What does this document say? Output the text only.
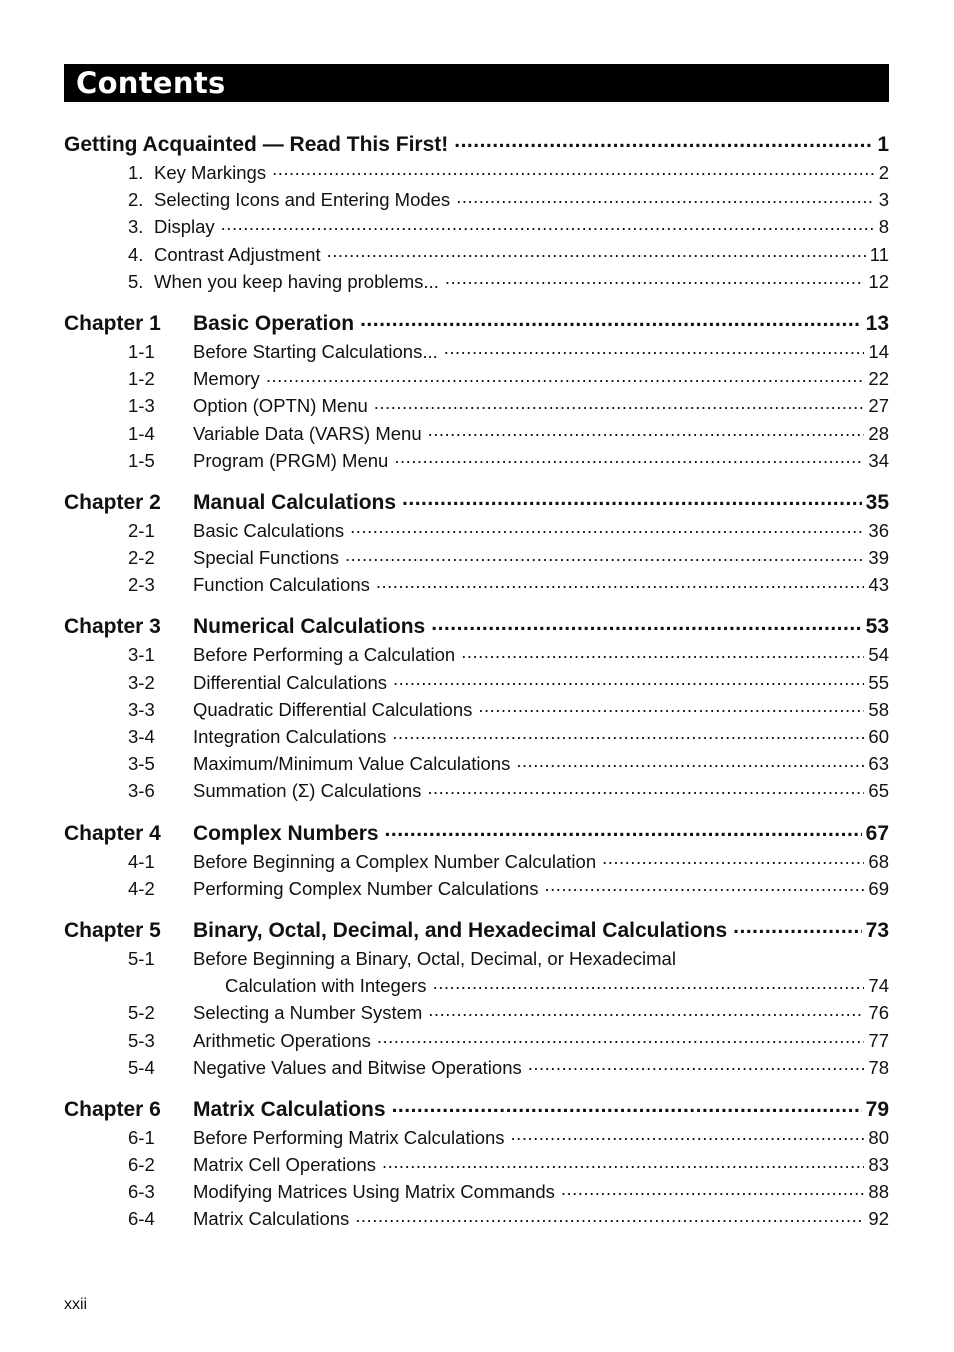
Contents
Getting Acquainted — Read This First! .....	1
1. Key Markings .....	2
2. Selecting Icons and Entering Modes .....	3
3. Display .....	8
4. Contrast Adjustment .....	11
5. When you keep having problems... .....	12
Chapter 1	Basic Operation .....	13
1-1	Before Starting Calculations... .....	14
1-2	Memory .....	22
1-3	Option (OPTN) Menu .....	27
1-4	Variable Data (VARS) Menu .....	28
1-5	Program (PRGM) Menu .....	34
Chapter 2	Manual Calculations .....	35
2-1	Basic Calculations .....	36
2-2	Special Functions .....	39
2-3	Function Calculations .....	43
Chapter 3	Numerical Calculations .....	53
3-1	Before Performing a Calculation .....	54
3-2	Differential Calculations .....	55
3-3	Quadratic Differential Calculations .....	58
3-4	Integration Calculations .....	60
3-5	Maximum/Minimum Value Calculations .....	63
3-6	Summation (Σ) Calculations .....	65
Chapter 4	Complex Numbers .....	67
4-1	Before Beginning a Complex Number Calculation .....	68
4-2	Performing Complex Number Calculations .....	69
Chapter 5	Binary, Octal, Decimal, and Hexadecimal Calculations .....	73
5-1	Before Beginning a Binary, Octal, Decimal, or Hexadecimal
Calculation with Integers .....	74
5-2	Selecting a Number System .....	76
5-3	Arithmetic Operations .....	77
5-4	Negative Values and Bitwise Operations .....	78
Chapter 6	Matrix Calculations .....	79
6-1	Before Performing Matrix Calculations .....	80
6-2	Matrix Cell Operations .....	83
6-3	Modifying Matrices Using Matrix Commands .....	88
6-4	Matrix Calculations .....	92
xxii
